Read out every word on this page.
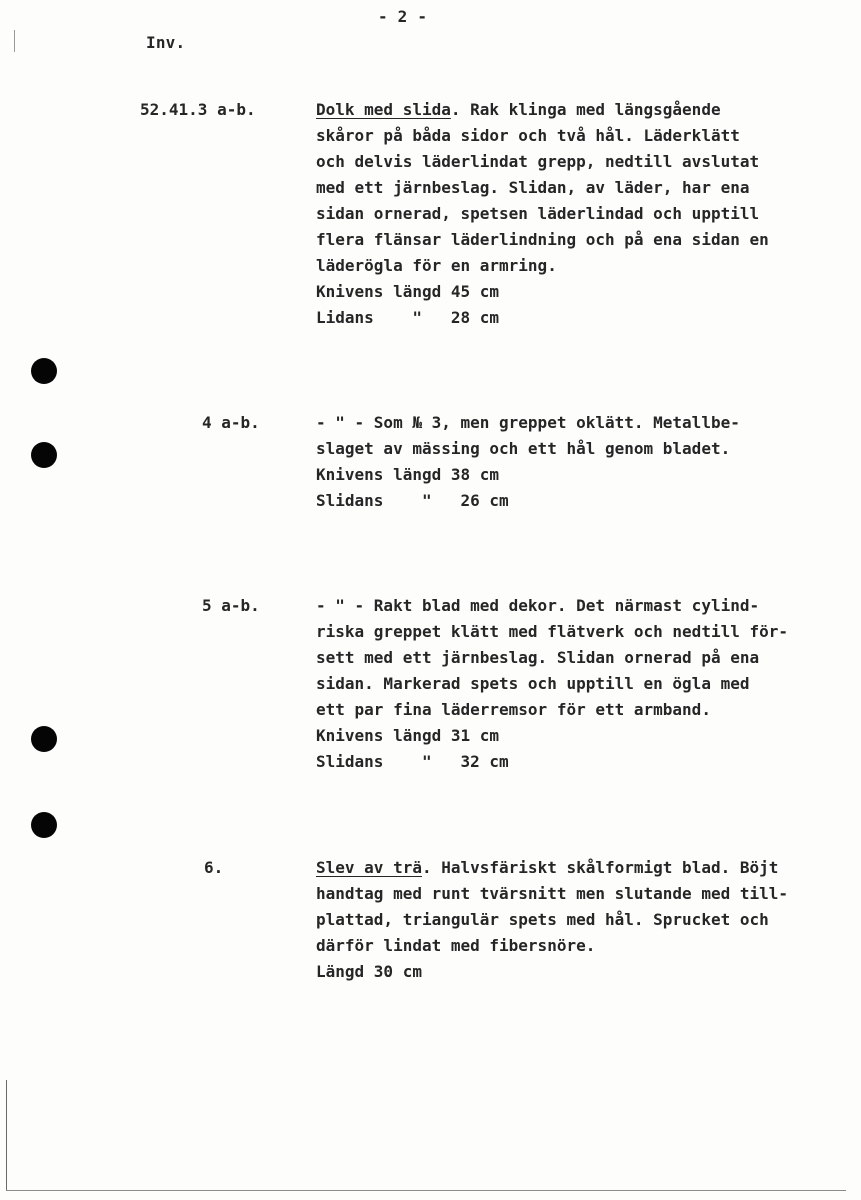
- 2 -
Inv.
52.41.3 a-b.	Dolk med slida. Rak klinga med längsgående
skåror på båda sidor och två hål. Läderklätt
och delvis läderlindat grepp, nedtill avslutat
med ett järnbeslag. Slidan, av läder, har ena
sidan ornerad, spetsen läderlindad och upptill
flera flänsar läderlindning och på ena sidan en
läderögla för en armring.
Knivens längd 45 cm
Lidans    "   28 cm
4 a-b.	- " - Som № 3, men greppet oklätt. Metallbe-
slaget av mässing och ett hål genom bladet.
Knivens längd 38 cm
Slidans    "   26 cm
5 a-b.	- " - Rakt blad med dekor. Det närmast cylind-
riska greppet klätt med flätverk och nedtill för-
sett med ett järnbeslag. Slidan ornerad på ena
sidan. Markerad spets och upptill en ögla med
ett par fina läderremsor för ett armband.
Knivens längd 31 cm
Slidans    "   32 cm
6.	Slev av trä. Halvsfäriskt skålformigt blad. Böjt
handtag med runt tvärsnitt men slutande med till-
plattad, triangulär spets med hål. Sprucket och
därför lindat med fibersnöre.
Längd 30 cm
